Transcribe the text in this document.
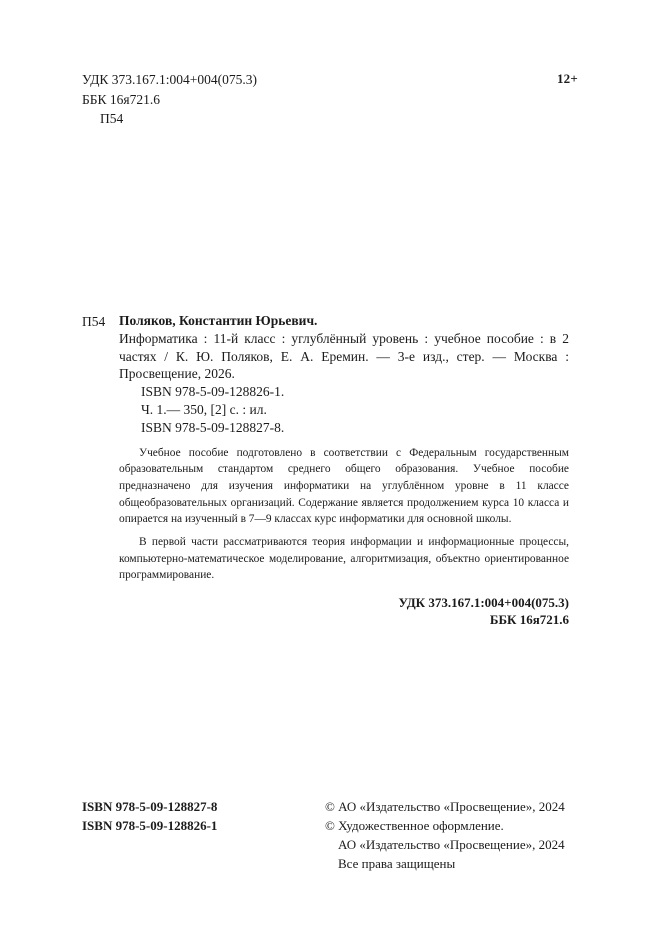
УДК 373.167.1:004+004(075.3)
ББК 16я721.6
П54
12+
П54	Поляков, Константин Юрьевич.
Информатика : 11-й класс : углублённый уровень : учебное пособие : в 2 частях / К. Ю. Поляков, Е. А. Еремин. — 3-е изд., стер. — Москва : Просвещение, 2026.
ISBN 978-5-09-128826-1.
Ч. 1.— 350, [2] с. : ил.
ISBN 978-5-09-128827-8.

Учебное пособие подготовлено в соответствии с Федеральным государственным образовательным стандартом среднего общего образования. Учебное пособие предназначено для изучения информатики на углублённом уровне в 11 классе общеобразовательных организаций. Содержание является продолжением курса 10 класса и опирается на изученный в 7—9 классах курс информатики для основной школы.

В первой части рассматриваются теория информации и информационные процессы, компьютерно-математическое моделирование, алгоритмизация, объектно ориентированное программирование.

УДК 373.167.1:004+004(075.3)
ББК 16я721.6
ISBN 978-5-09-128827-8
ISBN 978-5-09-128826-1
© АО «Издательство «Просвещение», 2024
© Художественное оформление.
АО «Издательство «Просвещение», 2024
Все права защищены
